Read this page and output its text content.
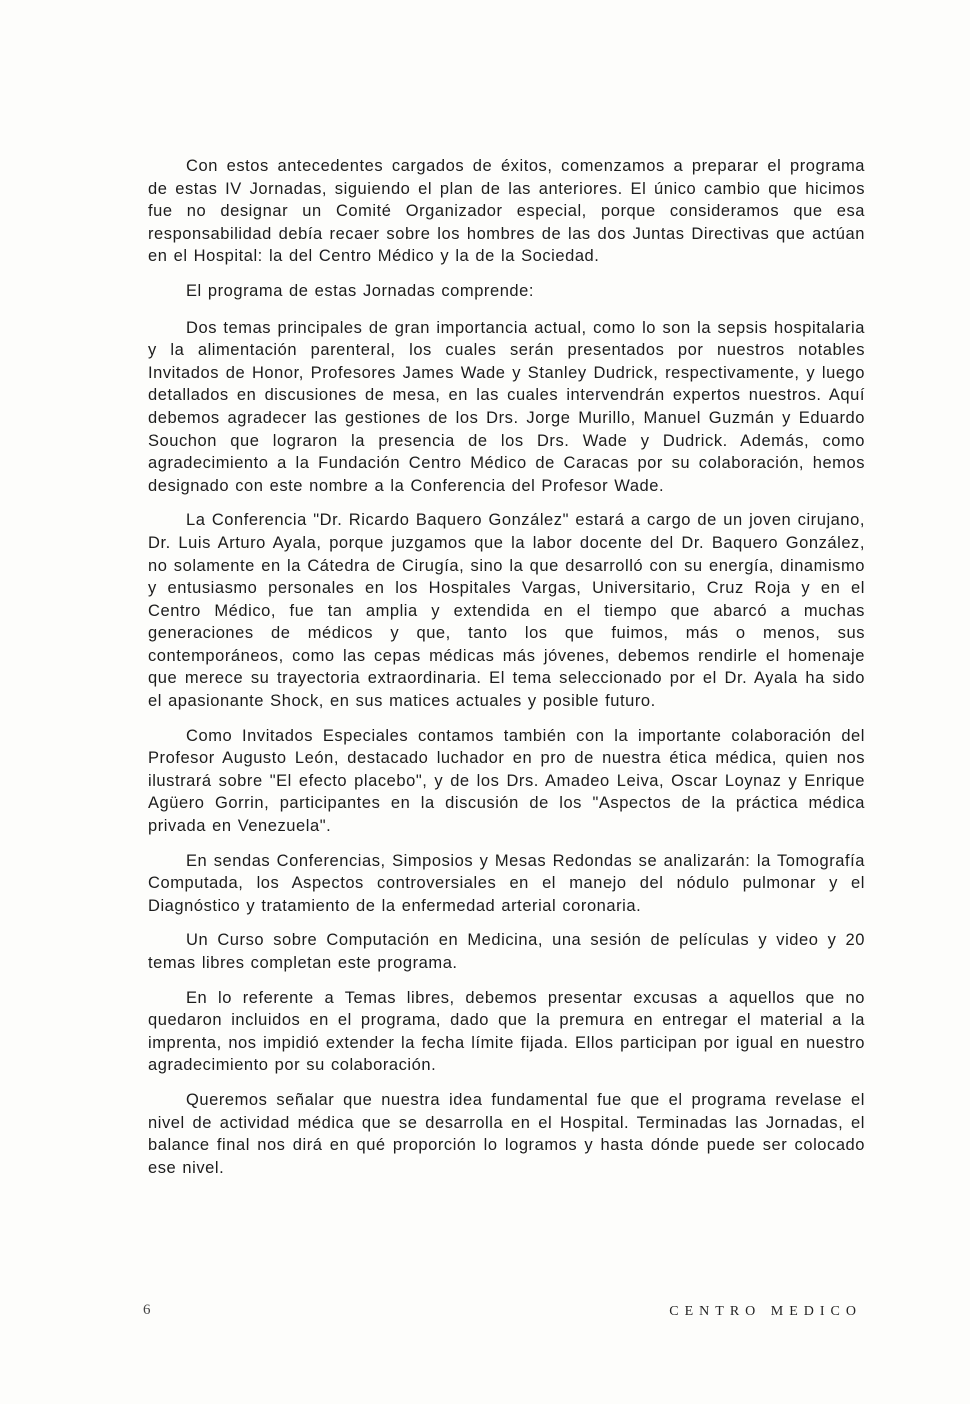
Con estos antecedentes cargados de éxitos, comenzamos a preparar el programa de estas IV Jornadas, siguiendo el plan de las anteriores. El único cambio que hicimos fue no designar un Comité Organizador especial, porque consideramos que esa responsabilidad debía recaer sobre los hombres de las dos Juntas Directivas que actúan en el Hospital: la del Centro Médico y la de la Sociedad.

El programa de estas Jornadas comprende:

Dos temas principales de gran importancia actual, como lo son la sepsis hospitalaria y la alimentación parenteral, los cuales serán presentados por nuestros notables Invitados de Honor, Profesores James Wade y Stanley Dudrick, respectivamente, y luego detallados en discusiones de mesa, en las cuales intervendrán expertos nuestros. Aquí debemos agradecer las gestiones de los Drs. Jorge Murillo, Manuel Guzmán y Eduardo Souchon que lograron la presencia de los Drs. Wade y Dudrick. Además, como agradecimiento a la Fundación Centro Médico de Caracas por su colaboración, hemos designado con este nombre a la Conferencia del Profesor Wade.

La Conferencia "Dr. Ricardo Baquero González" estará a cargo de un joven cirujano, Dr. Luis Arturo Ayala, porque juzgamos que la labor docente del Dr. Baquero González, no solamente en la Cátedra de Cirugía, sino la que desarrolló con su energía, dinamismo y entusiasmo personales en los Hospitales Vargas, Universitario, Cruz Roja y en el Centro Médico, fue tan amplia y extendida en el tiempo que abarcó a muchas generaciones de médicos y que, tanto los que fuimos, más o menos, sus contemporáneos, como las cepas médicas más jóvenes, debemos rendirle el homenaje que merece su trayectoria extraordinaria. El tema seleccionado por el Dr. Ayala ha sido el apasionante Shock, en sus matices actuales y posible futuro.

Como Invitados Especiales contamos también con la importante colaboración del Profesor Augusto León, destacado luchador en pro de nuestra ética médica, quien nos ilustrará sobre "El efecto placebo", y de los Drs. Amadeo Leiva, Oscar Loynaz y Enrique Agüero Gorrin, participantes en la discusión de los "Aspectos de la práctica médica privada en Venezuela".

En sendas Conferencias, Simposios y Mesas Redondas se analizarán: la Tomografía Computada, los Aspectos controversiales en el manejo del nódulo pulmonar y el Diagnóstico y tratamiento de la enfermedad arterial coronaria.

Un Curso sobre Computación en Medicina, una sesión de películas y video y 20 temas libres completan este programa.

En lo referente a Temas libres, debemos presentar excusas a aquellos que no quedaron incluidos en el programa, dado que la premura en entregar el material a la imprenta, nos impidió extender la fecha límite fijada. Ellos participan por igual en nuestro agradecimiento por su colaboración.

Queremos señalar que nuestra idea fundamental fue que el programa revelase el nivel de actividad médica que se desarrolla en el Hospital. Terminadas las Jornadas, el balance final nos dirá en qué proporción lo logramos y hasta dónde puede ser colocado ese nivel.

6	CENTRO MEDICO
